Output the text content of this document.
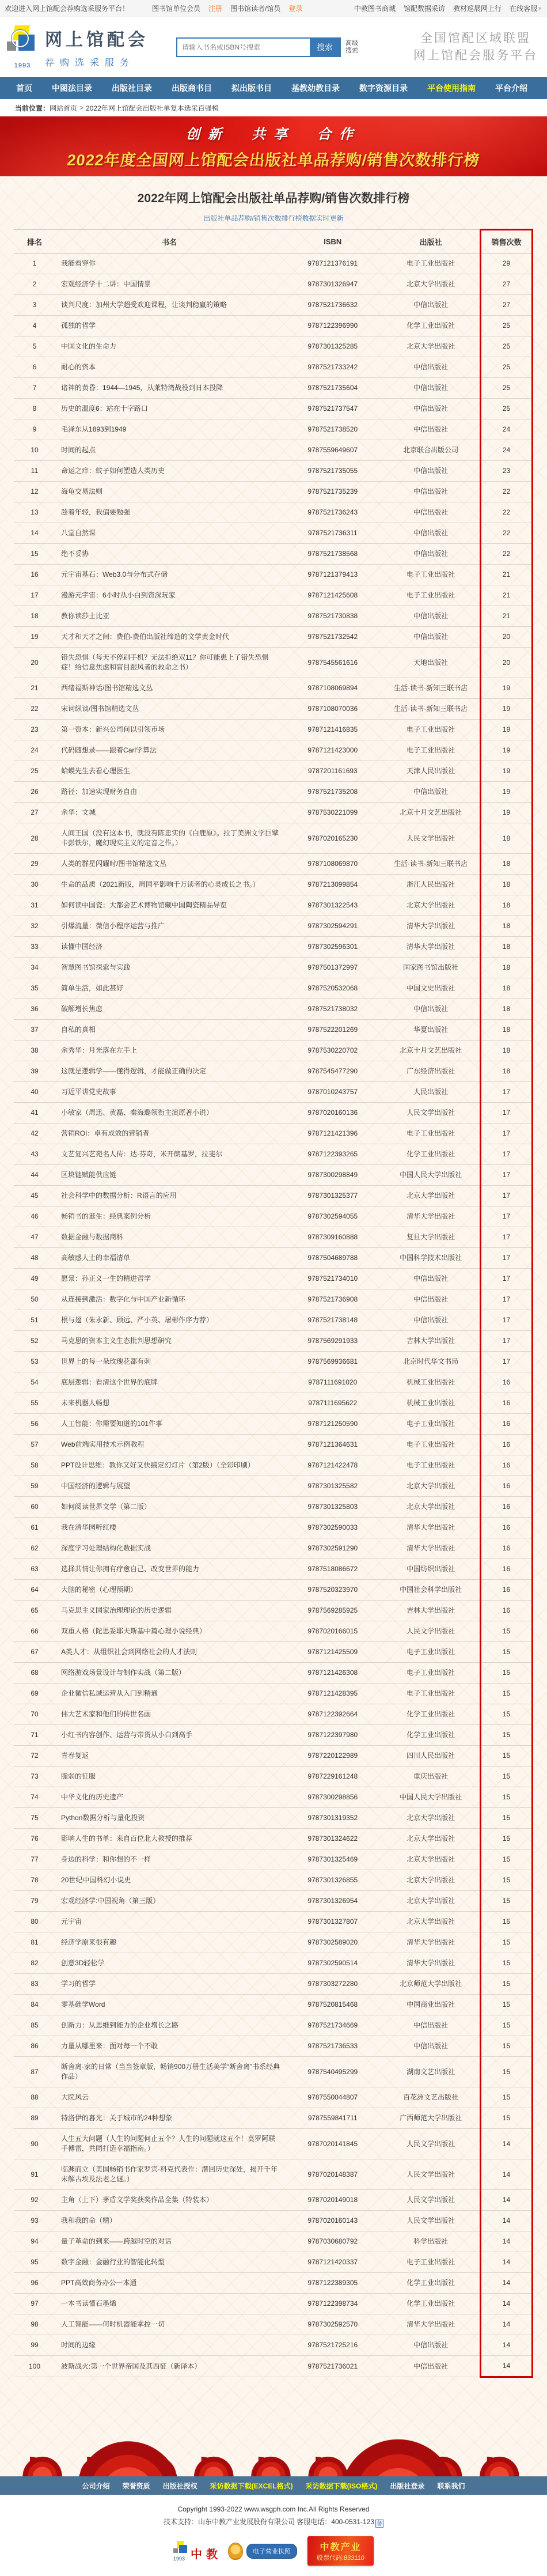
欢迎进入网上馆配会荐购选采服务平台！	图书馆单位会员 注册 图书馆读者/馆员 登录	中教图书商城 馆配数据采访 教材巡展网上行 在线客服 ▼
1993
网上馆配会
荐购选采服务
请输入书名或ISBN号搜索
搜索	高级
搜索
全国馆配区域联盟
网上馆配会服务平台
首页 中图法目录 出版社目录 出版商书目 拟出版书目 基教幼教目录 数字资源目录 平台使用指南 平台介绍
当前位置： 网站首页 > 2022年网上馆配会出版社单复本选采百强榜
创新　共享　合作
2022年度全国网上馆配会出版社单品荐购/销售次数排行榜
2022年网上馆配会出版社单品荐购/销售次数排行榜
出版社单品荐购/销售次数排行榜数据实时更新
排名	书名	ISBN	出版社	销售次数
1	我能看穿你	9787121376191	电子工业出版社	29
2	宏观经济学十二讲：中国情景	9787301326947	北京大学出版社	27
3	谈判尺度：加州大学超受欢迎课程，让谈判稳赢的策略	9787521736632	中信出版社	27
4	孤独的哲学	9787122396990	化学工业出版社	25
5	中国文化的生命力	9787301325285	北京大学出版社	25
6	耐心的资本	9787521733242	中信出版社	25
7	诸神的黄昏：1944—1945，从莱特湾战役到日本投降	9787521735604	中信出版社	25
8	历史的温度6：站在十字路口	9787521737547	中信出版社	25
9	毛泽东从1893到1949	9787521738520	中信出版社	24
10	时间的起点	9787559649607	北京联合出版公司	24
11	命运之痒：蚊子如何塑造人类历史	9787521735055	中信出版社	23
12	海龟交易法则	9787521735239	中信出版社	22
13	趁着年轻，我偏要勉强	9787521736243	中信出版社	22
14	八堂自然课	9787521736311	中信出版社	22
15	绝不妥协	9787521738568	中信出版社	22
16	元宇宙基石：Web3.0与分布式存储	9787121379413	电子工业出版社	21
17	漫游元宇宙：6小时从小白到资深玩家	9787121425608	电子工业出版社	21
18	教你读莎士比亚	9787521730838	中信出版社	21
19	天才和天才之间：费伯-费伯出版社缔造的文学黄金时代	9787521732542	中信出版社	20
20	错失恐惧（每天不停刷手机？无法拒绝双11？你可能患上了错失恐惧症！给信息焦虑和盲目跟风者的救命之书）	9787545561616	天地出版社	20
21	西绪福斯神话/图书馆精选文丛	9787108069894	生活·读书·新知三联书店	19
22	宋词纵谈/图书馆精选文丛	9787108070036	生活·读书·新知三联书店	19
23	第一资本：新兴公司何以引领市场	9787121416835	电子工业出版社	19
24	代码随想录——跟着Carl学算法	9787121423000	电子工业出版社	19
25	蛤蟆先生去看心理医生	9787201161693	天津人民出版社	19
26	路径：加速实现财务自由	9787521735208	中信出版社	19
27	余华：文城	9787530221099	北京十月文艺出版社	19
28	人间王国（没有这本书，就没有陈忠实的《白鹿原》。拉丁美洲文学巨擘卡彭铁尔，魔幻现实主义的定音之作。）	9787020165230	人民文学出版社	18
29	人类的群星闪耀时/图书馆精选文丛	9787108069870	生活·读书·新知三联书店	18
30	生命的品质（2021新版，周国平影响千万读者的心灵成长之书。）	9787213099854	浙江人民出版社	18
31	如何读中国瓷：大都会艺术博物馆藏中国陶瓷精品导览	9787301322543	北京大学出版社	18
32	引爆流量：微信小程序运营与推广	9787302594291	清华大学出版社	18
33	读懂中国经济	9787302596301	清华大学出版社	18
34	智慧图书馆探索与实践	9787501372997	国家图书馆出版社	18
35	简单生活，如此甚好	9787520532068	中国文史出版社	18
36	破解增长焦虑	9787521738032	中信出版社	18
37	自私的真相	9787522201269	华夏出版社	18
38	余秀华：月光落在左手上	9787530220702	北京十月文艺出版社	18
39	这就是逻辑学——懂得逻辑，才能做正确的决定	9787545477290	广东经济出版社	18
40	习近平讲党史故事	9787010243757	人民出版社	17
41	小敏家（周迅、黄磊、秦海璐领衔主演原著小说）	9787020160136	人民文学出版社	17
42	营销ROI：卓有成效的营销者	9787121421396	电子工业出版社	17
43	文艺复兴艺苑名人传：达·芬奇，米开朗基罗，拉斐尔	9787122393265	化学工业出版社	17
44	区块链赋能供应链	9787300298849	中国人民大学出版社	17
45	社会科学中的数据分析：R语言的应用	9787301325377	北京大学出版社	17
46	畅销书的诞生：经典案例分析	9787302594055	清华大学出版社	17
47	数据金融与数据商科	9787309160888	复旦大学出版社	17
48	高敏感人士的幸福清单	9787504689788	中国科学技术出版社	17
49	愿景：孙正义一生的精进哲学	9787521734010	中信出版社	17
50	从连接到激活：数字化与中国产业新循环	9787521736908	中信出版社	17
51	根与翅（朱永新、顾远、严小英、屠彬作序力荐）	9787521738148	中信出版社	17
52	马克思的资本主义生态批判思想研究	9787569291933	吉林大学出版社	17
53	世界上的每一朵玫瑰花都有刺	9787569936681	北京时代华文书局	17
54	底层逻辑：看清这个世界的底牌	9787111691020	机械工业出版社	16
55	未来机器人畅想	9787111695622	机械工业出版社	16
56	人工智能：你需要知道的101件事	9787121250590	电子工业出版社	16
57	Web前端实用技术示例教程	9787121364631	电子工业出版社	16
58	PPT设计思维：教你又好又快搞定幻灯片（第2版）（全彩印刷）	9787121422478	电子工业出版社	16
59	中国经济的逻辑与展望	9787301325582	北京大学出版社	16
60	如何阅读世界文学（第二版）	9787301325803	北京大学出版社	16
61	我在清华园听红楼	9787302590033	清华大学出版社	16
62	深度学习处理结构化数据实战	9787302591290	清华大学出版社	16
63	选择共情让你拥有疗愈自己、改变世界的能力	9787518086672	中国纺织出版社	16
64	大脑的秘密（心理预期）	9787520323970	中国社会科学出版社	16
65	马克思主义国家治理理论的历史逻辑	9787569285925	吉林大学出版社	16
66	双重人格（陀思妥耶夫斯基中篇心理小说经典）	9787020166015	人民文学出版社	15
67	A类人才：从组织社会到网络社会的人才法则	9787121425509	电子工业出版社	15
68	网络游戏场景设计与制作实战（第二版）	9787121426308	电子工业出版社	15
69	企业微信私域运营从入门到精通	9787121428395	电子工业出版社	15
70	伟大艺术家和他们的传世名画	9787122392664	化学工业出版社	15
71	小红书内容创作、运营与带货从小白到高手	9787122397980	化学工业出版社	15
72	青春复返	9787220122989	四川人民出版社	15
73	脆弱的征服	9787229161248	重庆出版社	15
74	中华文化的历史遗产	9787300298856	中国人民大学出版社	15
75	Python数据分析与量化投资	9787301319352	北京大学出版社	15
76	影响人生的书单：来自百位北大教授的推荐	9787301324622	北京大学出版社	15
77	身边的科学：和你想的不一样	9787301325469	北京大学出版社	15
78	20世纪中国科幻小说史	9787301326855	北京大学出版社	15
79	宏观经济学:中国视角（第三版）	9787301326954	北京大学出版社	15
80	元宇宙	9787301327807	北京大学出版社	15
81	经济学原来很有趣	9787302589020	清华大学出版社	15
82	创意3D轻松学	9787302590514	清华大学出版社	15
83	学习的哲学	9787303272280	北京师范大学出版社	15
84	零基础学Word	9787520815468	中国商业出版社	15
85	创新力：从思维到能力的企业增长之路	9787521734669	中信出版社	15
86	力量从哪里来：面对每一个不敢	9787521736533	中信出版社	15
87	断舍离·家的日常（当当签章版，畅销900万册生活美学“断舍离”书系经典作品）	9787540495299	湖南文艺出版社	15
88	大院风云	9787550044807	百花洲文艺出版社	15
89	特洛伊的暮光：关于城市的24种想象	9787559841711	广西师范大学出版社	15
90	人生五大问题（人生的问题何止五个？人生的问题就这五个！莫罗阿联手傅雷，共同打造幸福指南。）	9787020141845	人民文学出版社	14
91	临渊而立（美国畅销书作家罗宾·科克代表作：潜回历史深处，揭开千年未解古埃及法老之谜。）	9787020148387	人民文学出版社	14
92	主角（上下）茅盾文学奖获奖作品全集（特装本）	9787020149018	人民文学出版社	14
93	我和我的命（精）	9787020160143	人民文学出版社	14
94	量子革命的到来——跨越时空的对话	9787030680792	科学出版社	14
95	数字金融：金融行业的智能化转型	9787121420337	电子工业出版社	14
96	PPT高效商务办公一本通	9787122389305	化学工业出版社	14
97	一本书读懂石墨烯	9787122398734	化学工业出版社	14
98	人工智能——何时机器能掌控一切	9787302592570	清华大学出版社	14
99	时间的边缘	9787521725216	中信出版社	14
100	波斯战火:第一个世界帝国及其西征（新译本）	9787521736021	中信出版社	14
公司介绍 荣誉资质 出版社授权 采访数据下载(EXCEL格式) 采访数据下载(ISO格式) 出版社登录 联系我们
Copyright 1993-2022 www.wsgph.com Inc.All Rights Reserved
技术支持：山东中教产业发展股份有限公司 客服电话：400-0531-123 备
1993 中 教	电子营业执照	中教产业
股票代码:833110
